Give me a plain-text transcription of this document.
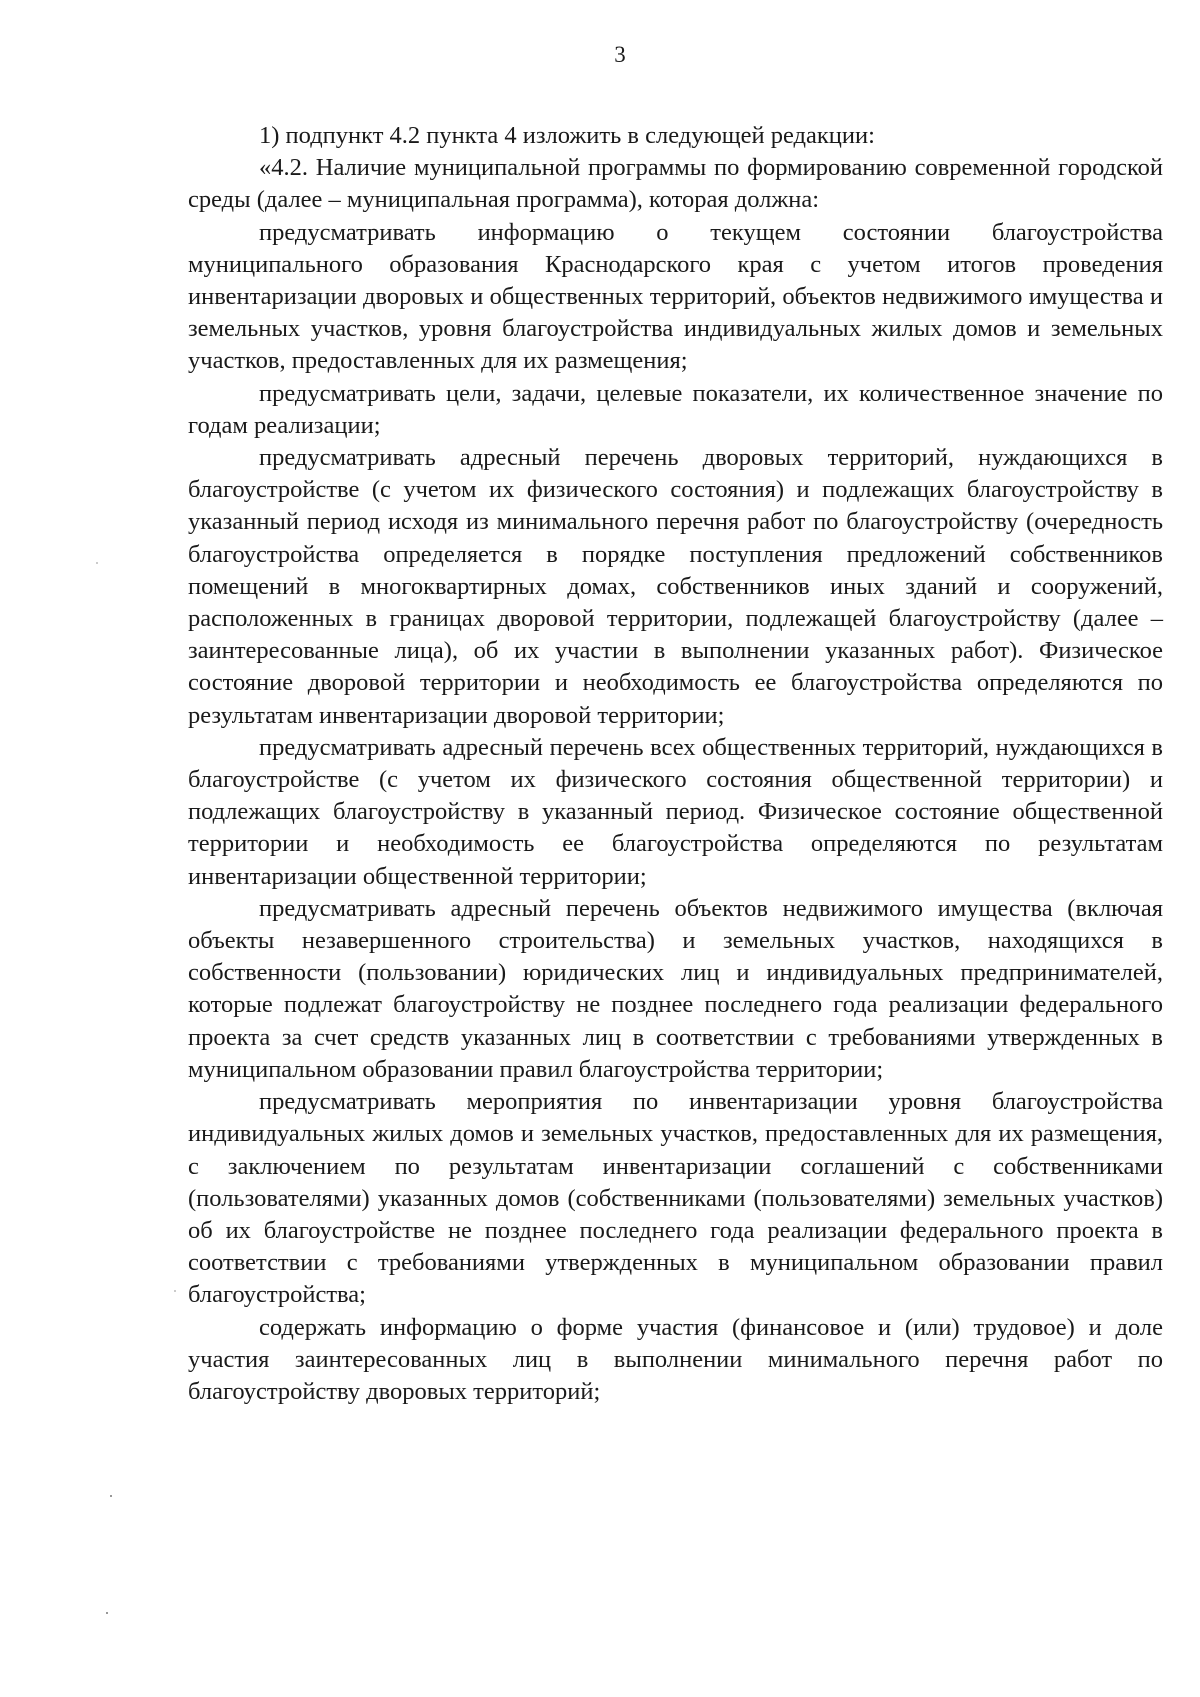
3

1) подпункт 4.2 пункта 4 изложить в следующей редакции:

«4.2. Наличие муниципальной программы по формированию современной городской среды (далее – муниципальная программа), которая должна:

предусматривать информацию о текущем состоянии благоустройства муниципального образования Краснодарского края с учетом итогов проведения инвентаризации дворовых и общественных территорий, объектов недвижимого имущества и земельных участков, уровня благоустройства индивидуальных жилых домов и земельных участков, предоставленных для их размещения;

предусматривать цели, задачи, целевые показатели, их количественное значение по годам реализации;

предусматривать адресный перечень дворовых территорий, нуждающихся в благоустройстве (с учетом их физического состояния) и подлежащих благоустройству в указанный период исходя из минимального перечня работ по благоустройству (очередность благоустройства определяется в порядке поступления предложений собственников помещений в многоквартирных домах, собственников иных зданий и сооружений, расположенных в границах дворовой территории, подлежащей благоустройству (далее – заинтересованные лица), об их участии в выполнении указанных работ). Физическое состояние дворовой территории и необходимость ее благоустройства определяются по результатам инвентаризации дворовой территории;

предусматривать адресный перечень всех общественных территорий, нуждающихся в благоустройстве (с учетом их физического состояния общественной территории) и подлежащих благоустройству в указанный период. Физическое состояние общественной территории и необходимость ее благоустройства определяются по результатам инвентаризации общественной территории;

предусматривать адресный перечень объектов недвижимого имущества (включая объекты незавершенного строительства) и земельных участков, находящихся в собственности (пользовании) юридических лиц и индивидуальных предпринимателей, которые подлежат благоустройству не позднее последнего года реализации федерального проекта за счет средств указанных лиц в соответствии с требованиями утвержденных в муниципальном образовании правил благоустройства территории;

предусматривать мероприятия по инвентаризации уровня благоустройства индивидуальных жилых домов и земельных участков, предоставленных для их размещения, с заключением по результатам инвентаризации соглашений с собственниками (пользователями) указанных домов (собственниками (пользователями) земельных участков) об их благоустройстве не позднее последнего года реализации федерального проекта в соответствии с требованиями утвержденных в муниципальном образовании правил благоустройства;

содержать информацию о форме участия (финансовое и (или) трудовое) и доле участия заинтересованных лиц в выполнении минимального перечня работ по благоустройству дворовых территорий;
